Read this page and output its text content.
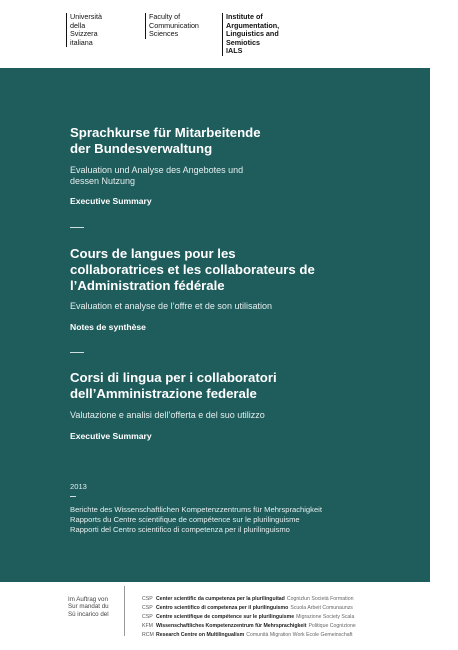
Università
della
Svizzera
italiana
Faculty of
Communication
Sciences
Institute of
Argumentation,
Linguistics and
Semiotics
IALS
Sprachkurse für Mitarbeitende
der Bundesverwaltung
Evaluation und Analyse des Angebotes und
dessen Nutzung
Executive Summary
Cours de langues pour les
collaboratrices et les collaborateurs de
l’Administration fédérale
Evaluation et analyse de l’offre et de son utilisation
Notes de synthèse
Corsi di lingua per i collaboratori
dell’Amministrazione federale
Valutazione e analisi dell’offerta e del suo utilizzo
Executive Summary
2013
Berichte des Wissenschaftlichen Kompetenzzentrums für Mehrsprachigkeit
Rapports du Centre scientifique de compétence sur le plurilinguisme
Rapporti del Centro scientifico di competenza per il plurilinguismo
Im Auftrag von
Sur mandat du
Sü incarico del
CSP Center scientific da cumpetenza per la plurilinguitad Cognizlun Società Formation
CSP Centro scientifico di competenza per il plurilinguismo Scuola Arbeit Comunaunzs
CSP Centre scientifique de compétence sur le plurilinguisme Migrazione Society Scala
KFM Wissenschaftliches Kompetenzzentrum für Mehrsprachigkeit Politique Cognizione
RCM Research Centre on Multilingualism Comunità Migration Work Ecole Gemeinschaft
